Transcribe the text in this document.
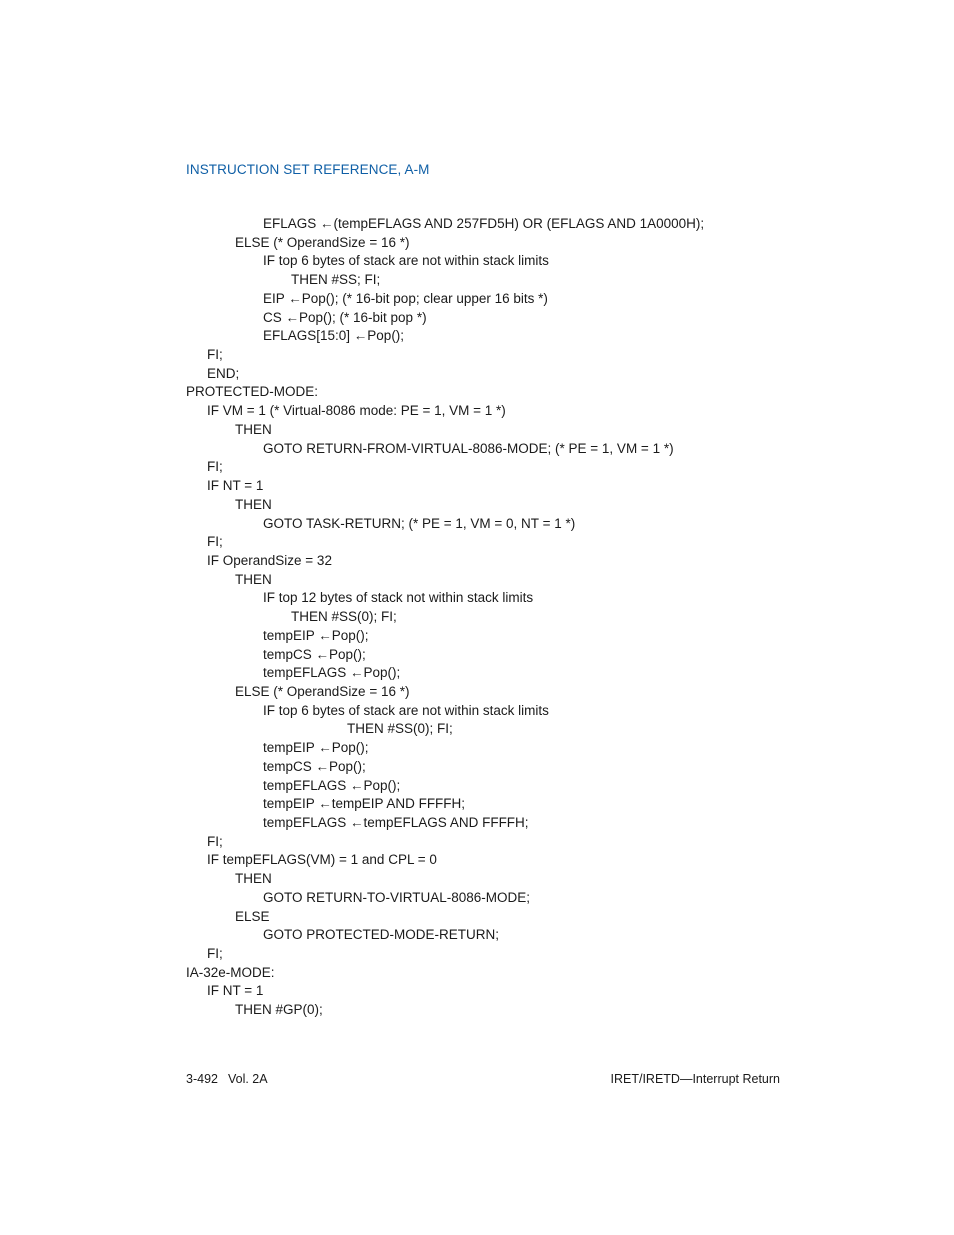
INSTRUCTION SET REFERENCE, A-M
EFLAGS ←(tempEFLAGS AND 257FD5H) OR (EFLAGS AND 1A0000H);
ELSE (* OperandSize = 16 *)
IF top 6 bytes of stack are not within stack limits
THEN #SS; FI;
EIP ←Pop(); (* 16-bit pop; clear upper 16 bits *)
CS ←Pop(); (* 16-bit pop *)
EFLAGS[15:0] ←Pop();
FI;
END;
PROTECTED-MODE:
IF VM = 1 (* Virtual-8086 mode: PE = 1, VM = 1 *)
THEN
GOTO RETURN-FROM-VIRTUAL-8086-MODE; (* PE = 1, VM = 1 *)
FI;
IF NT = 1
THEN
GOTO TASK-RETURN; (* PE = 1, VM = 0, NT = 1 *)
FI;
IF OperandSize = 32
THEN
IF top 12 bytes of stack not within stack limits
THEN #SS(0); FI;
tempEIP ←Pop();
tempCS ←Pop();
tempEFLAGS ←Pop();
ELSE (* OperandSize = 16 *)
IF top 6 bytes of stack are not within stack limits
THEN #SS(0); FI;
tempEIP ←Pop();
tempCS ←Pop();
tempEFLAGS ←Pop();
tempEIP ←tempEIP AND FFFFH;
tempEFLAGS ←tempEFLAGS AND FFFFH;
FI;
IF tempEFLAGS(VM) = 1 and CPL = 0
THEN
GOTO RETURN-TO-VIRTUAL-8086-MODE;
ELSE
GOTO PROTECTED-MODE-RETURN;
FI;
IA-32e-MODE:
IF NT = 1
THEN #GP(0);
3-492 Vol. 2A	IRET/IRETD—Interrupt Return
